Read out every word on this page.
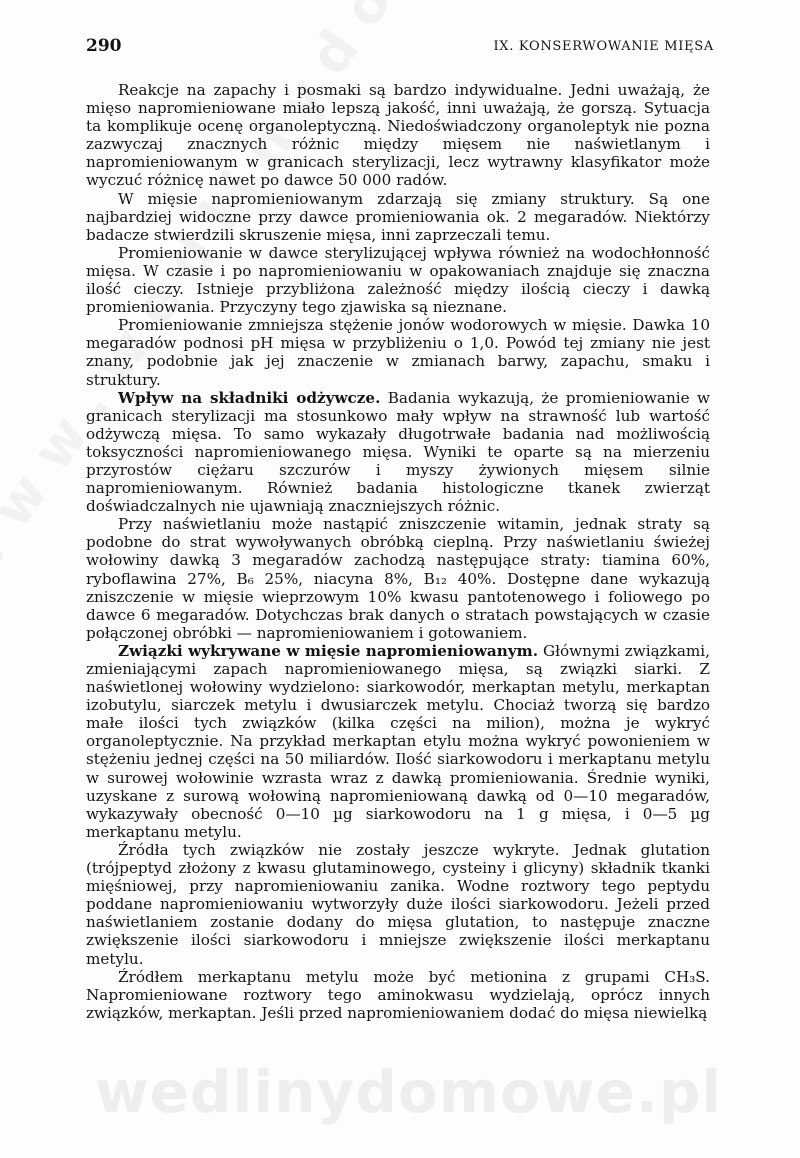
290	IX. KONSERWOWANIE MIĘSA

Reakcje na zapachy i posmaki są bardzo indywidualne. Jedni uważają, że mięso napromieniowane miało lepszą jakość, inni uważają, że gorszą. Sytuacja ta komplikuje ocenę organoleptyczną. Niedoświadczony organoleptyk nie pozna zazwyczaj znacznych różnic między mięsem nie naświetlanym i napromieniowanym w granicach sterylizacji, lecz wytrawny klasyfikator może wyczuć różnicę nawet po dawce 50 000 radów.

W mięsie napromieniowanym zdarzają się zmiany struktury. Są one najbardziej widoczne przy dawce promieniowania ok. 2 megaradów. Niektórzy badacze stwierdzili skruszenie mięsa, inni zaprzeczali temu.

Promieniowanie w dawce sterylizującej wpływa również na wodochłonność mięsa. W czasie i po napromieniowaniu w opakowaniach znajduje się znaczna ilość cieczy. Istnieje przybliżona zależność między ilością cieczy i dawką promieniowania. Przyczyny tego zjawiska są nieznane.

Promieniowanie zmniejsza stężenie jonów wodorowych w mięsie. Dawka 10 megaradów podnosi pH mięsa w przybliżeniu o 1,0. Powód tej zmiany nie jest znany, podobnie jak jej znaczenie w zmianach barwy, zapachu, smaku i struktury.

Wpływ na składniki odżywcze. Badania wykazują, że promieniowanie w granicach sterylizacji ma stosunkowo mały wpływ na strawność lub wartość odżywczą mięsa. To samo wykazały długotrwałe badania nad możliwością toksyczności napromieniowanego mięsa. Wyniki te oparte są na mierzeniu przyrostów ciężaru szczurów i myszy żywionych mięsem silnie napromieniowanym. Również badania histologiczne tkanek zwierząt doświadczalnych nie ujawniają znaczniejszych różnic.

Przy naświetlaniu może nastąpić zniszczenie witamin, jednak straty są podobne do strat wywoływanych obróbką cieplną. Przy naświetlaniu świeżej wołowiny dawką 3 megaradów zachodzą następujące straty: tiamina 60%, ryboflawina 27%, B₆ 25%, niacyna 8%, B₁₂ 40%. Dostępne dane wykazują zniszczenie w mięsie wieprzowym 10% kwasu pantotenowego i foliowego po dawce 6 megaradów. Dotychczas brak danych o stratach powstających w czasie połączonej obróbki — napromieniowaniem i gotowaniem.

Związki wykrywane w mięsie napromieniowanym. Głównymi związkami, zmieniającymi zapach napromieniowanego mięsa, są związki siarki. Z naświetlonej wołowiny wydzielono: siarkowodór, merkaptan metylu, merkaptan izobutylu, siarczek metylu i dwusiarczek metylu. Chociaż tworzą się bardzo małe ilości tych związków (kilka części na milion), można je wykryć organoleptycznie. Na przykład merkaptan etylu można wykryć powonieniem w stężeniu jednej części na 50 miliardów. Ilość siarkowodoru i merkaptanu metylu w surowej wołowinie wzrasta wraz z dawką promieniowania. Średnie wyniki, uzyskane z surową wołowiną napromieniowaną dawką od 0—10 megaradów, wykazywały obecność 0—10 µg siarkowodoru na 1 g mięsa, i 0—5 µg merkaptanu metylu.

Źródła tych związków nie zostały jeszcze wykryte. Jednak glutation (trójpeptyd złożony z kwasu glutaminowego, cysteiny i glicyny) składnik tkanki mięśniowej, przy napromieniowaniu zanika. Wodne roztwory tego peptydu poddane napromieniowaniu wytworzyły duże ilości siarkowodoru. Jeżeli przed naświetlaniem zostanie dodany do mięsa glutation, to następuje znaczne zwiększenie ilości siarkowodoru i mniejsze zwiększenie ilości merkaptanu metylu.

Źródłem merkaptanu metylu może być metionina z grupami CH₃S. Napromieniowane roztwory tego aminokwasu wydzielają, oprócz innych związków, merkaptan. Jeśli przed napromieniowaniem dodać do mięsa niewielką

wedlinydomowe.pl
